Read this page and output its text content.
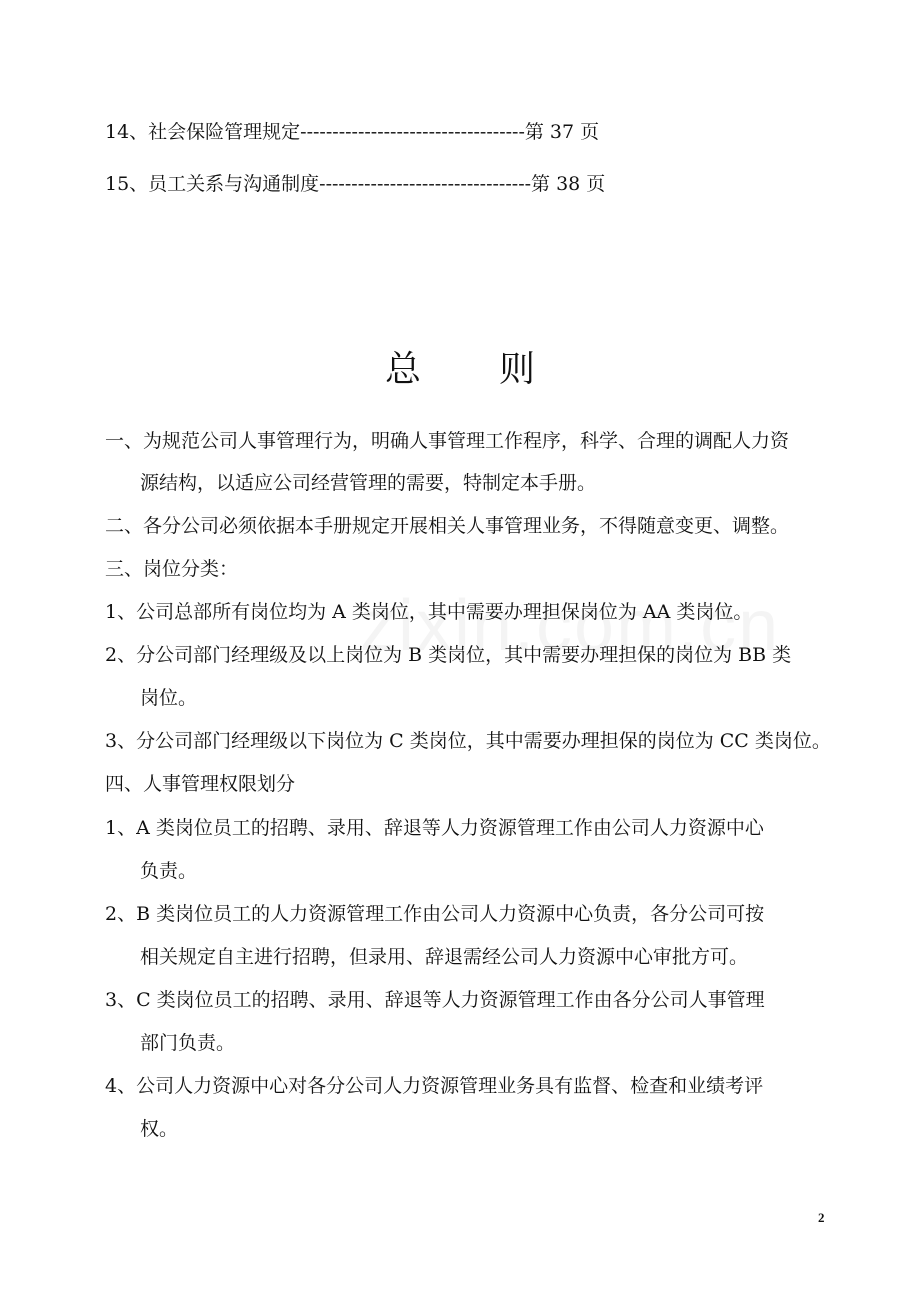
14、社会保险管理规定-----------------------------------第 37 页
15、员工关系与沟通制度---------------------------------第 38 页
总则
一、为规范公司人事管理行为，明确人事管理工作程序，科学、合理的调配人力资
源结构，以适应公司经营管理的需要，特制定本手册。
二、各分公司必须依据本手册规定开展相关人事管理业务，不得随意变更、调整。
三、岗位分类：
1、公司总部所有岗位均为 A 类岗位，其中需要办理担保岗位为 AA 类岗位。
2、分公司部门经理级及以上岗位为 B 类岗位，其中需要办理担保的岗位为 BB 类
岗位。
3、分公司部门经理级以下岗位为 C 类岗位，其中需要办理担保的岗位为 CC 类岗位。
四、人事管理权限划分
1、A 类岗位员工的招聘、录用、辞退等人力资源管理工作由公司人力资源中心
负责。
2、B 类岗位员工的人力资源管理工作由公司人力资源中心负责，各分公司可按
相关规定自主进行招聘，但录用、辞退需经公司人力资源中心审批方可。
3、C 类岗位员工的招聘、录用、辞退等人力资源管理工作由各分公司人事管理
部门负责。
4、公司人力资源中心对各分公司人力资源管理业务具有监督、检查和业绩考评
权。
2
